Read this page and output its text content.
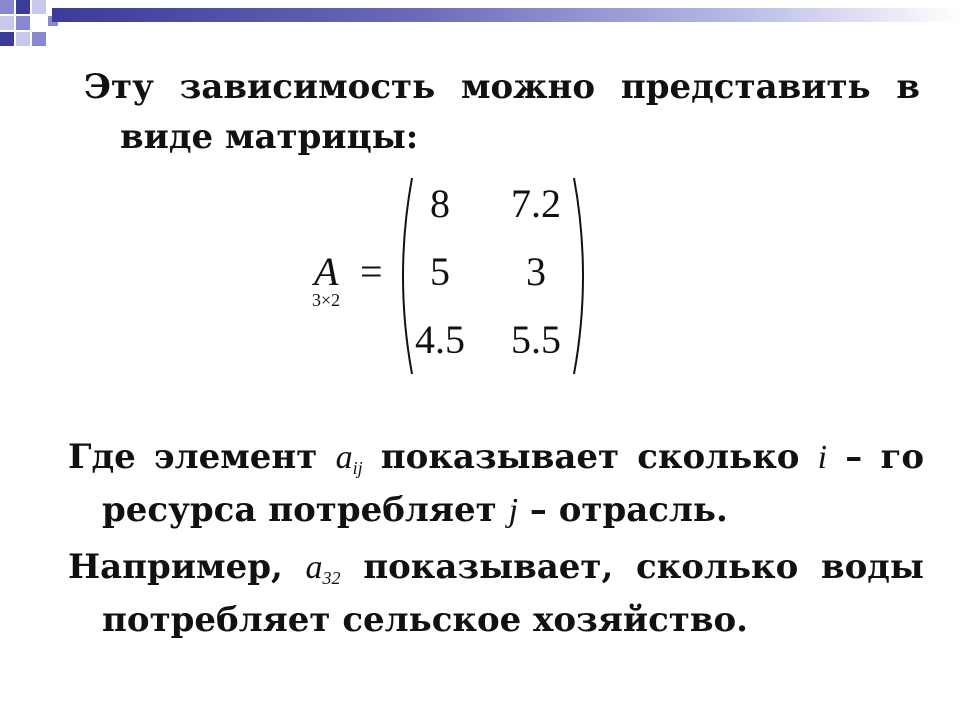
Эту зависимость можно представить в
виде матрицы:
A
3×2
=
8	7.2
5	3
4.5	5.5
Где элемент $a_{ij}$ показывает сколько i – го
ресурса потребляет j – отрасль.
Например, $a_{32}$ показывает, сколько воды
потребляет сельское хозяйство.
